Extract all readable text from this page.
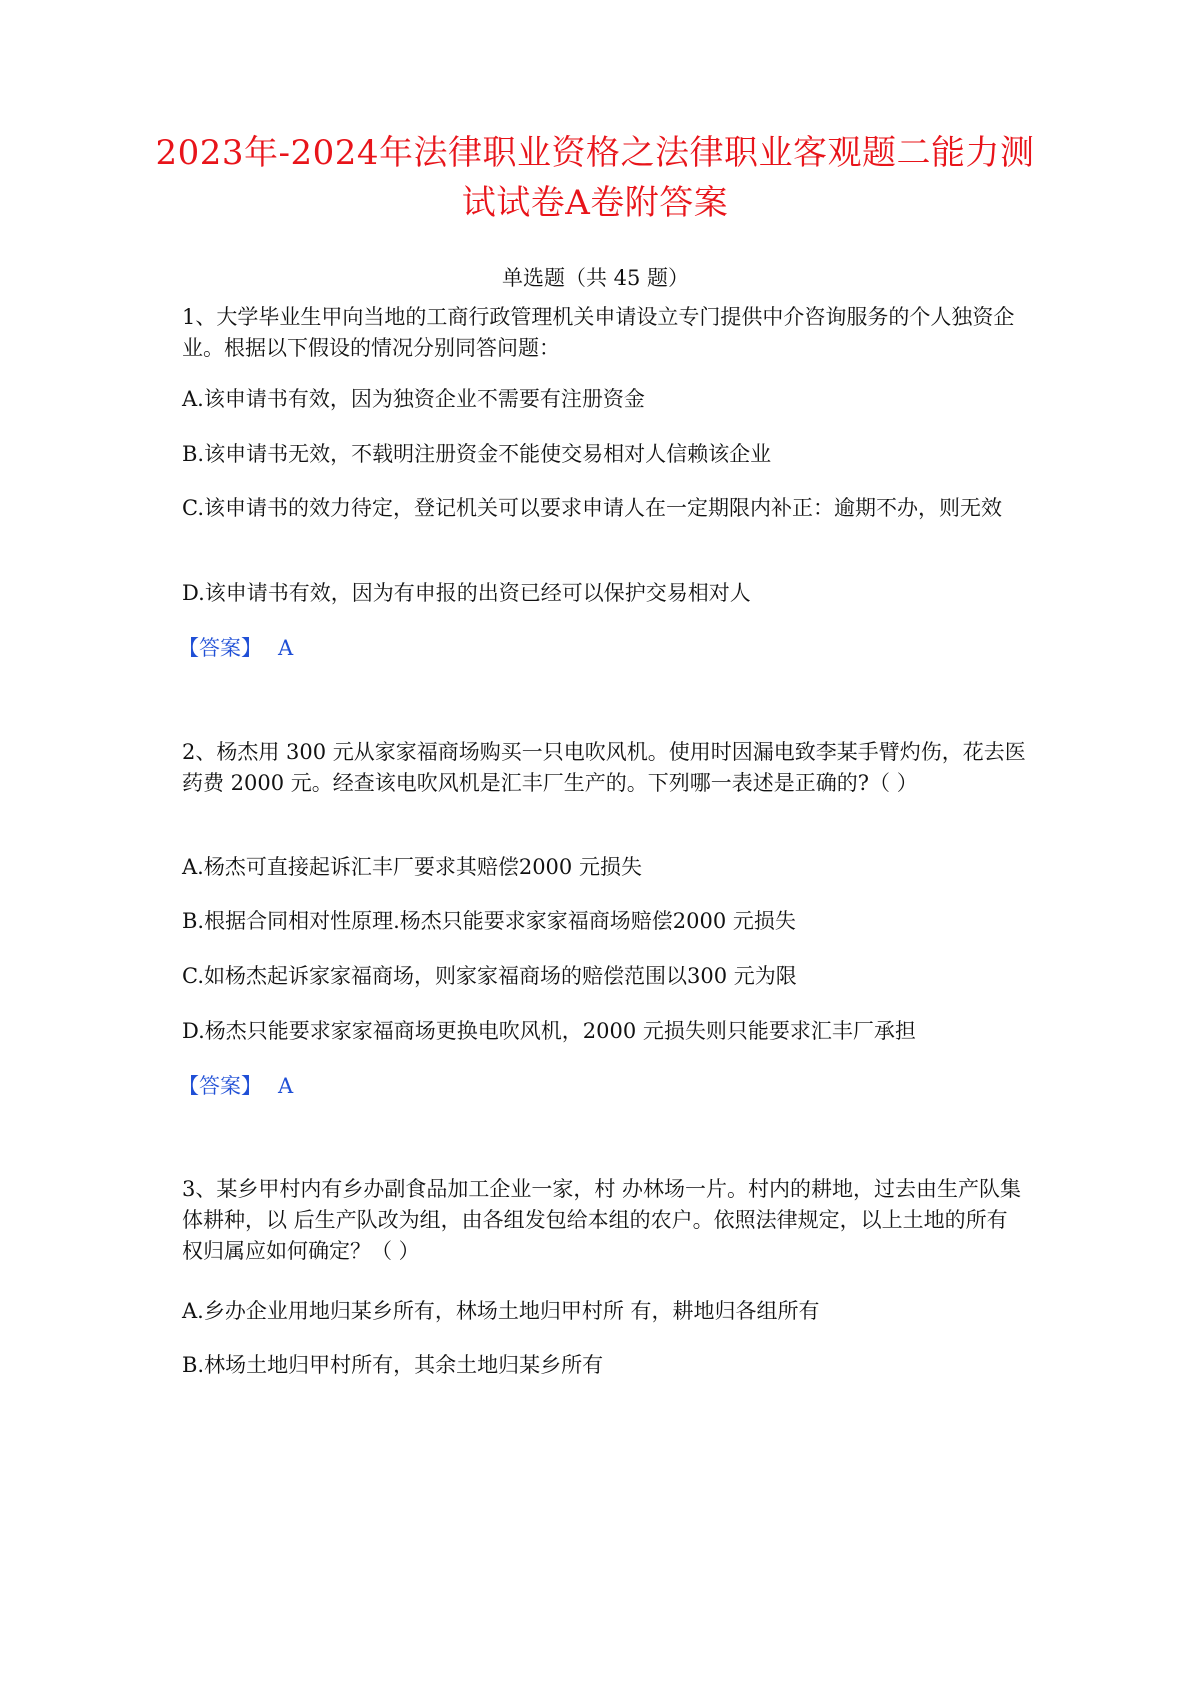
2023年-2024年法律职业资格之法律职业客观题二能力测试试卷A卷附答案
单选题（共 45 题）

1、大学毕业生甲向当地的工商行政管理机关申请设立专门提供中介咨询服务的个人独资企业。根据以下假设的情况分别同答问题：

A.该申请书有效，因为独资企业不需要有注册资金

B.该申请书无效，不载明注册资金不能使交易相对人信赖该企业

C.该申请书的效力待定，登记机关可以要求申请人在一定期限内补正：逾期不办，则无效

D.该申请书有效，因为有申报的出资已经可以保护交易相对人

【答案】 A

2、杨杰用 300 元从家家福商场购买一只电吹风机。使用时因漏电致李某手臂灼伤，花去医药费 2000 元。经查该电吹风机是汇丰厂生产的。下列哪一表述是正确的?（ ）

A.杨杰可直接起诉汇丰厂要求其赔偿2000 元损失

B.根据合同相对性原理.杨杰只能要求家家福商场赔偿2000 元损失

C.如杨杰起诉家家福商场，则家家福商场的赔偿范围以300 元为限

D.杨杰只能要求家家福商场更换电吹风机，2000 元损失则只能要求汇丰厂承担

【答案】 A

3、某乡甲村内有乡办副食品加工企业一家，村 办林场一片。村内的耕地，过去由生产队集体耕种，以 后生产队改为组，由各组发包给本组的农户。依照法律规定，以上土地的所有权归属应如何确定？（ ）

A.乡办企业用地归某乡所有，林场土地归甲村所 有，耕地归各组所有

B.林场土地归甲村所有，其余土地归某乡所有
